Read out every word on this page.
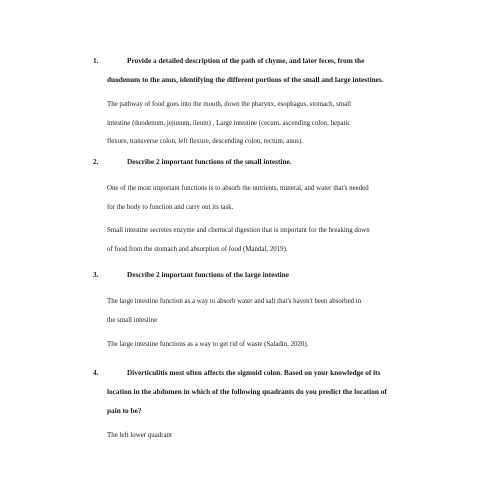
1.	Provide a detailed description of the path of chyme, and later feces, from the
duodenum to the anus, identifying the different portions of the small and large intestines.
The pathway of food goes into the mouth, down the pharynx, esophagus, stomach, small
intestine (duodenum, jejunum, ileum) , Large intestine (cecum, ascending colon, hepatic
flexure, transverse colon, left flexure, descending colon, rectum, anus).
2.	Describe 2 important functions of the small intestine.
One of the most important functions is to absorb the nutrients, mineral, and water that's needed
for the body to function and carry out its task.
Small intestine secretes enzyme and chemical digestion that is important for the breaking down
of food from the stomach and absorption of food (Mandal, 2019).
3.	Describe 2 important functions of the large intestine
The large intestine function as a way to absorb water and salt that's haven't been absorbed in
the small intestine
The large intestine functions as a way to get rid of waste (Saladin, 2020).
4.	Diverticulitis most often affects the sigmoid colon. Based on your knowledge of its
location in the abdomen in which of the following quadrants do you predict the location of
pain to be?
The left lower quadrant
